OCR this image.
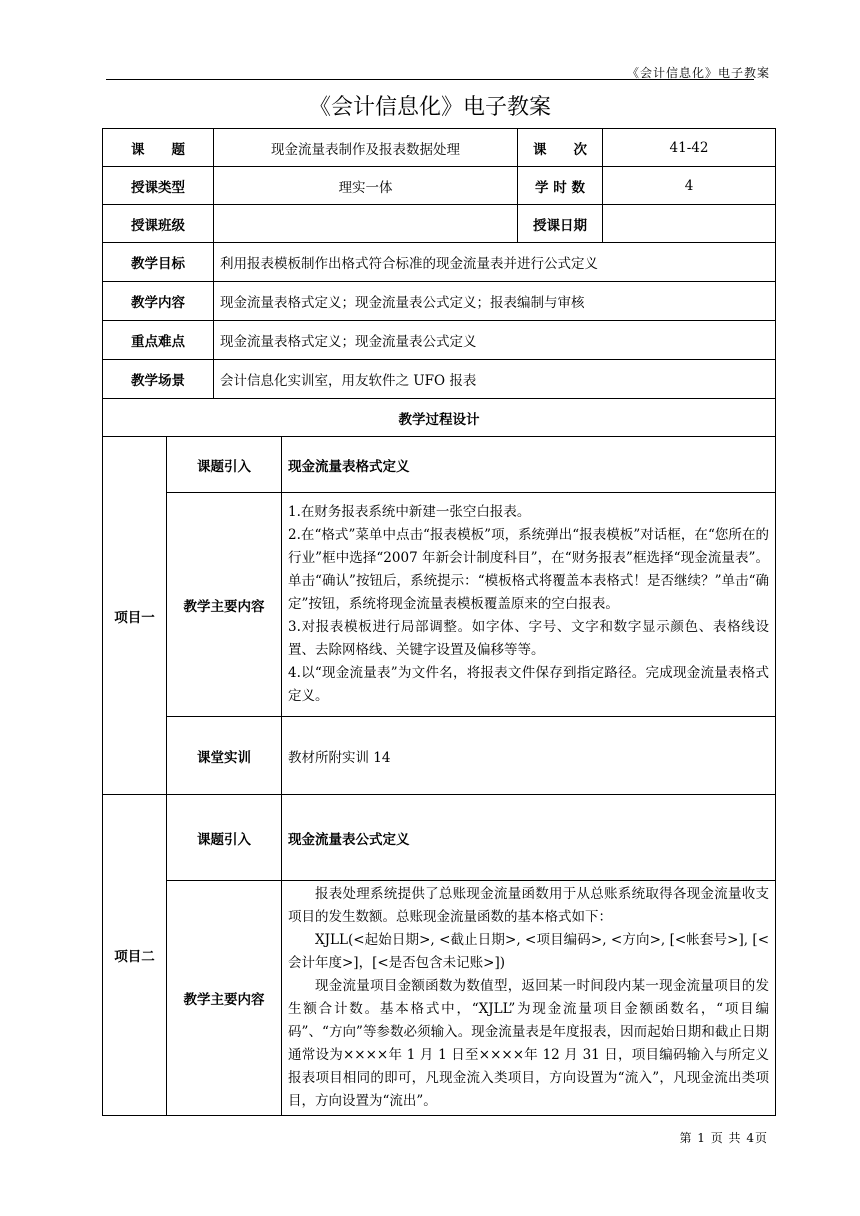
《会计信息化》电子教案
《会计信息化》电子教案
课　　题		现金流量表制作及报表数据处理		课　　次	41-42
授课类型		理实一体		学 时 数	4
授课班级				授课日期	
教学目标		利用报表模板制作出格式符合标准的现金流量表并进行公式定义			
教学内容		现金流量表格式定义；现金流量表公式定义；报表编制与审核			
重点难点		现金流量表格式定义；现金流量表公式定义			
教学场景		会计信息化实训室，用友软件之 UFO 报表			
教学过程设计					
项目一	课题引入		现金流量表格式定义		
	教学主要内容		1.在财务报表系统中新建一张空白报表。
2.在“格式”菜单中点击“报表模板”项，系统弹出“报表模板”对话框，在“您所在的行业”框中选择“2007 年新会计制度科目”，在“财务报表”框选择“现金流量表”。单击“确认”按钮后，系统提示：“模板格式将覆盖本表格式！是否继续？”单击“确定”按钮，系统将现金流量表模板覆盖原来的空白报表。
3.对报表模板进行局部调整。如字体、字号、文字和数字显示颜色、表格线设置、去除网格线、关键字设置及偏移等等。
4.以“现金流量表”为文件名，将报表文件保存到指定路径。完成现金流量表格式定义。		

	课堂实训		教材所附实训 14		
项目二	课题引入		现金流量表公式定义		
	教学主要内容		报表处理系统提供了总账现金流量函数用于从总账系统取得各现金流量收支项目的发生数额。总账现金流量函数的基本格式如下：
XJLL(<起始日期>, <截止日期>, <项目编码>, <方向>, [<帐套号>], [<会计年度>]，[<是否包含未记账>])
现金流量项目金额函数为数值型，返回某一时间段内某一现金流量项目的发生额合计数。基本格式中，“XJLL”为现金流量项目金额函数名，“项目编码”、“方向”等参数必须输入。现金流量表是年度报表，因而起始日期和截止日期通常设为××××年 1 月 1 日至××××年 12 月 31 日，项目编码输入与所定义报表项目相同的即可，凡现金流入类项目，方向设置为“流入”，凡现金流出类项目，方向设置为“流出”。		
第 1 页 共 4页
